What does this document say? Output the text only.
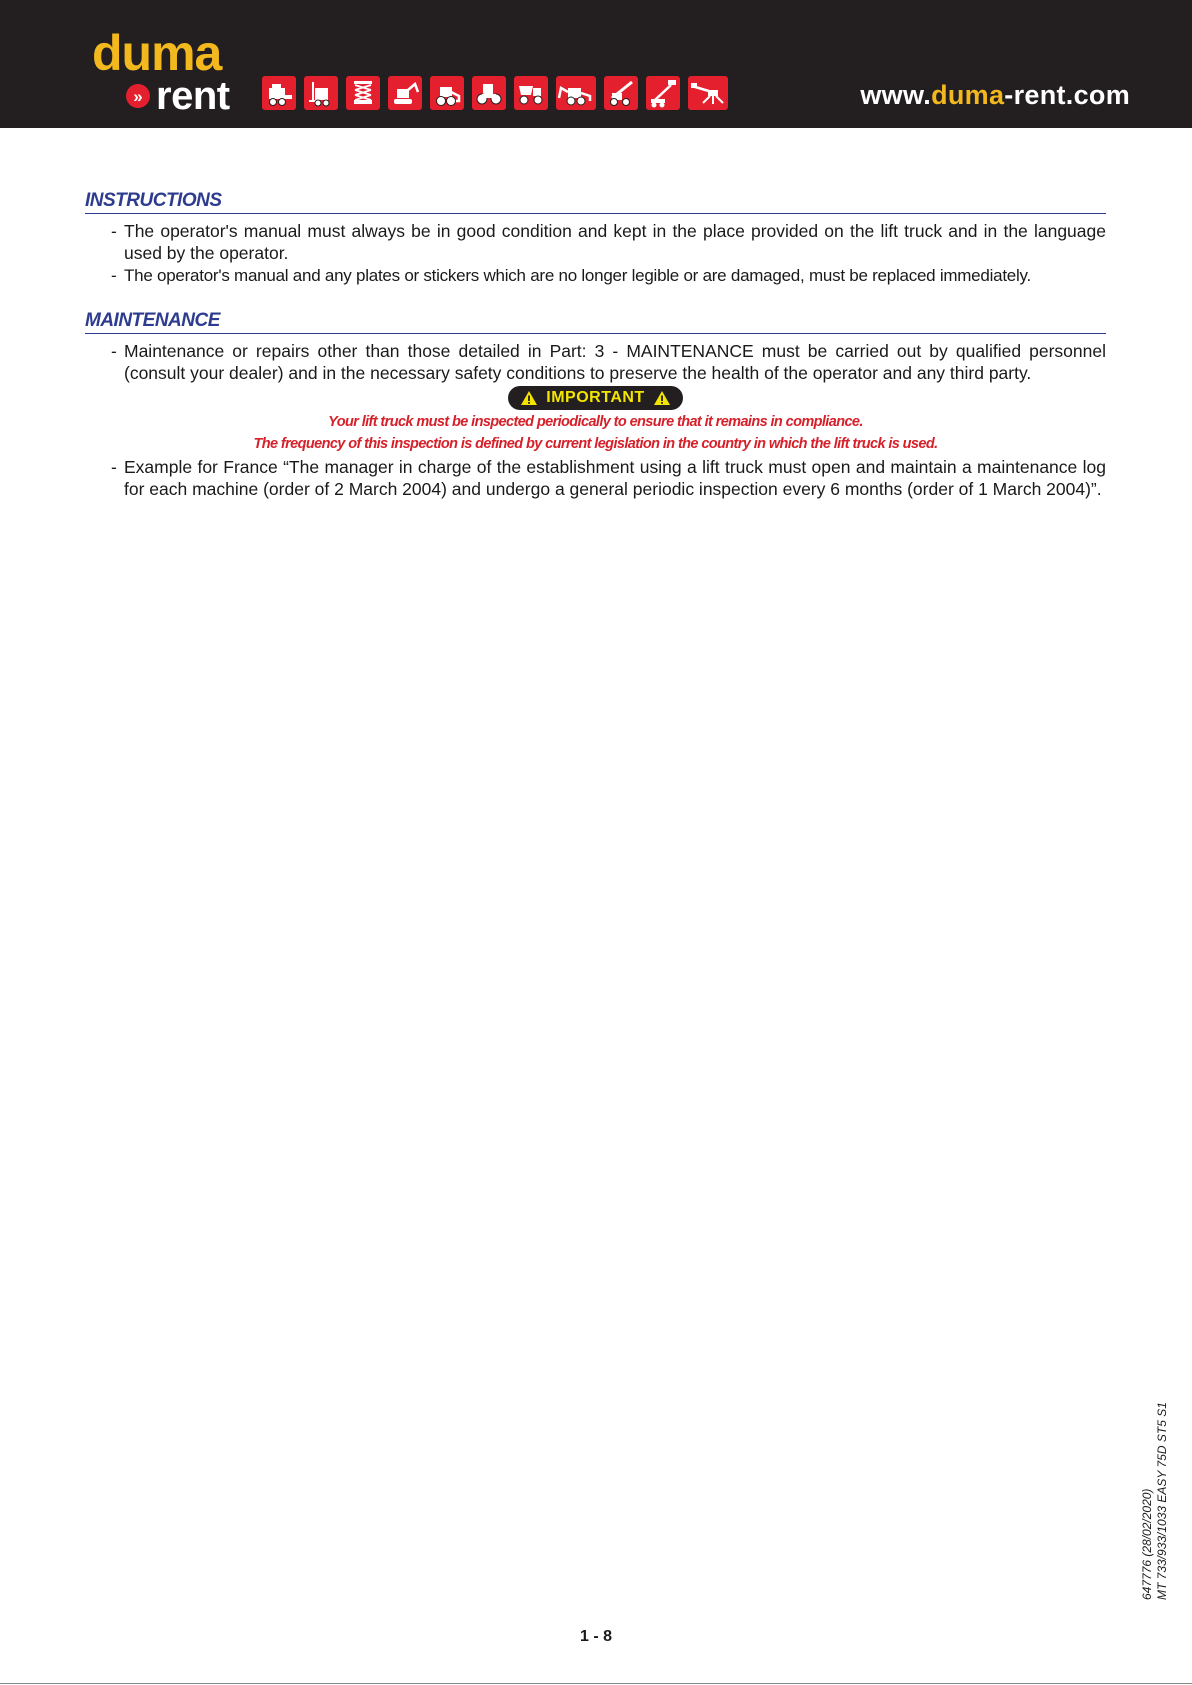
duma
» rent	www.duma-rent.com
INSTRUCTIONS
- The operator's manual must always be in good condition and kept in the place provided on the lift truck and in the language used by the operator.
- The operator's manual and any plates or stickers which are no longer legible or are damaged, must be replaced immediately.
MAINTENANCE
- Maintenance or repairs other than those detailed in Part: 3 - MAINTENANCE must be carried out by qualified personnel (consult your dealer) and in the necessary safety conditions to preserve the health of the operator and any third party.
IMPORTANT
Your lift truck must be inspected periodically to ensure that it remains in compliance.
The frequency of this inspection is defined by current legislation in the country in which the lift truck is used.
- Example for France “The manager in charge of the establishment using a lift truck must open and maintain a maintenance log for each machine (order of 2 March 2004) and undergo a general periodic inspection every 6 months (order of 1 March 2004)”.
1 - 8
647776 (28/02/2020) MT 733/933/1033 EASY 75D ST5 S1
